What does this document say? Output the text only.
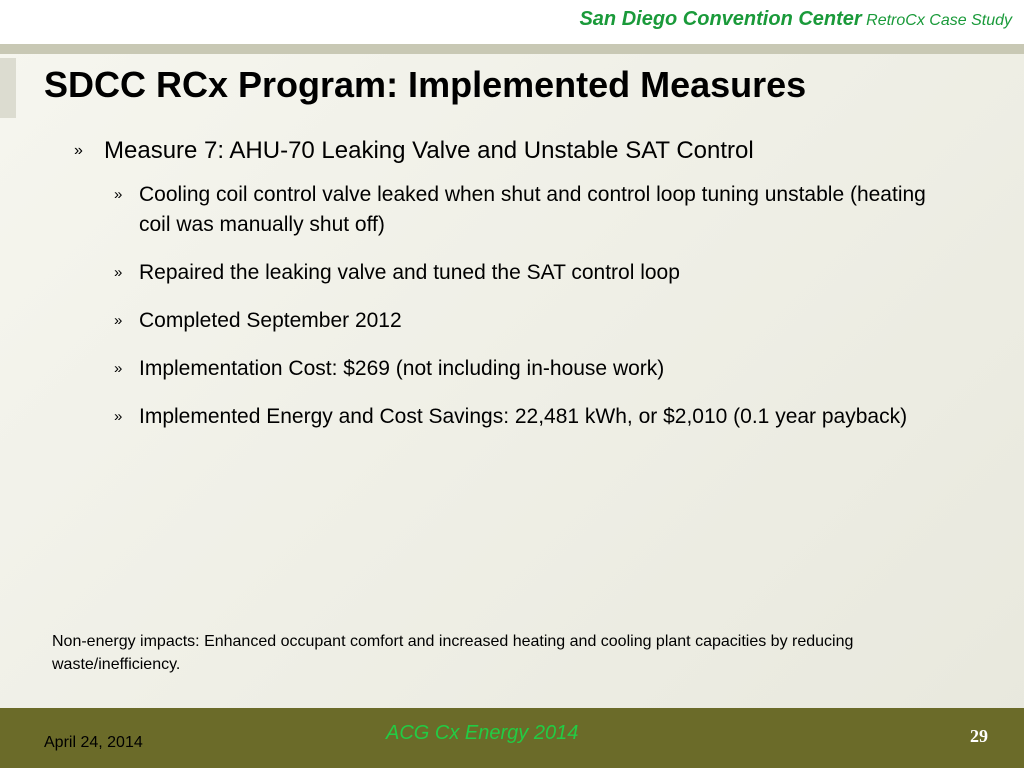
San Diego Convention Center RetroCx Case Study
SDCC RCx Program: Implemented Measures
» Measure 7: AHU-70 Leaking Valve and Unstable SAT Control
» Cooling coil control valve leaked when shut and control loop tuning unstable (heating coil was manually shut off)
» Repaired the leaking valve and tuned the SAT control loop
» Completed September 2012
» Implementation Cost: $269 (not including in-house work)
» Implemented Energy and Cost Savings: 22,481 kWh, or $2,010 (0.1 year payback)
Non-energy impacts: Enhanced occupant comfort and increased heating and cooling plant capacities by reducing waste/inefficiency.
April 24, 2014	ACG Cx Energy 2014	29
